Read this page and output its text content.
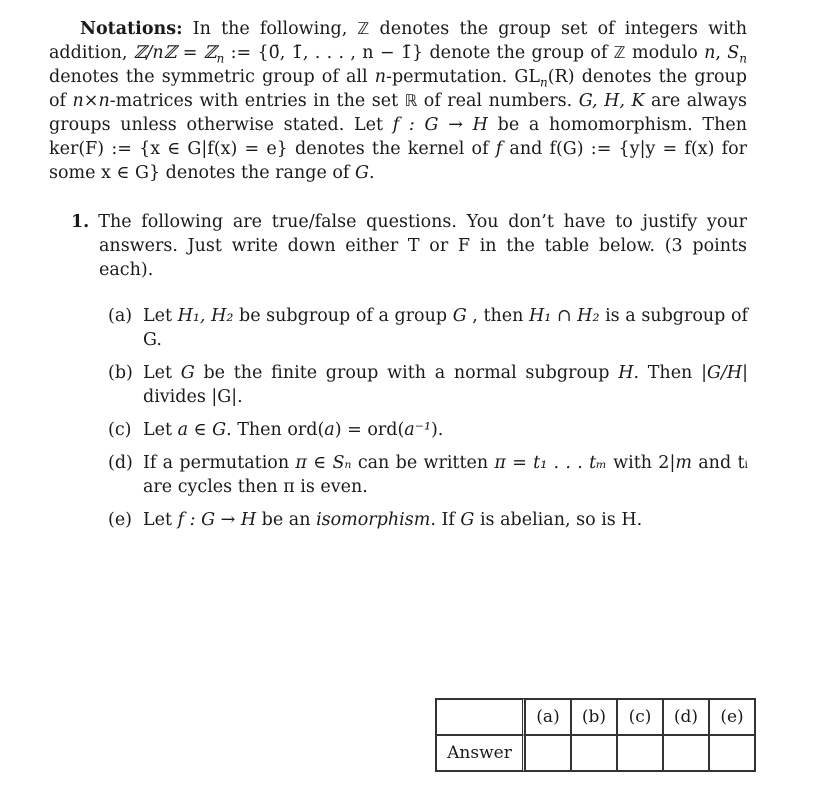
Notations: In the following, ℤ denotes the group set of integers with addition, ℤ/nℤ = ℤ$_n$ := {0̄, 1̄, . . . , n − 1̄} denote the group of ℤ modulo n, $S_n$ denotes the symmetric group of all n-permutation. $GL_n(R)$ denotes the group of n×n-matrices with entries in the set ℝ of real numbers. G, H, K are always groups unless otherwise stated. Let f : G → H be a homomorphism. Then ker(F) := {x ∈ G|f(x) = e} denotes the kernel of f and f(G) := {y|y = f(x) for some x ∈ G} denotes the range of G.
1. The following are true/false questions. You don’t have to justify your answers. Just write down either T or F in the table below. (3 points each).
(a) Let H₁, H₂ be subgroup of a group G , then H₁ ∩ H₂ is a subgroup of G.
(b) Let G be the finite group with a normal subgroup H. Then |G/H| divides |G|.
(c) Let a ∈ G. Then ord(a) = ord(a⁻¹).
(d) If a permutation π ∈ Sₙ can be written π = t₁ . . . tₘ with 2|m and tᵢ are cycles then π is even.
(e) Let f : G → H be an isomorphism. If G is abelian, so is H.
	(a)	(b)	(c)	(d)	(e)
Answer					
